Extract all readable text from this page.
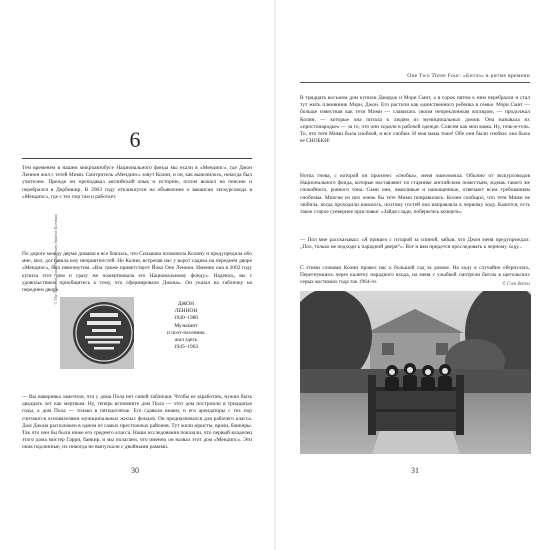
6

Тем временем в нашем микроавтобусе Национального фонда мы ехали в «Мендипс», где Джон Леннон жил с тетей Мими. Смотритель «Мендипс» зовут Колин, и он, как выяснилось, некогда был учителем. Прежде он преподавал английский язык и историю, потом вышел на пенсию и перебрался в Дербишир. В 2003 году откликнулся на объявление о вакансии экскурсовода в «Мендипс», где с тех пор там и работает.

По дороге между двумя домами я все боялась, что Сильвана позвонила Колину и предупредила обо мне, мол, доставила ему неприятностей. Но Колин, встречая нас у ворот садика на переднем дворе «Мендипс», был невозмутим. «Вас также приветствует Йоко Оно Леннон. Именно она в 2002 году купила этот дом и сразу же пожертвовала его Национальному фонду». Надеюсь, вы с удовольствием приобщитесь к тому, что сформировало Джона». Он указал на табличку на переднем дворе.

© The National Trust/Photolibrary/Andrew Kershaw	ДЖОН
ЛЕННОН
1940–1980
Музыкант
и поэт-песенник
жил здесь
1945–1963

— Вы наверняка заметили, что у дома Пола нет синей таблички. Чтобы ее заработать, нужно быть двадцать лет как мертвым. Ну, теперь вспомните дом Пола — этот дом построили в тридцатые годы, а дом Пола — только в пятидесятые. Его сдавали внаем, и его арендаторы с тех пор считаются основателями муниципальных жилых фондов. Он предназначался для рабочего класса. Дом Джона расположен в одном из самых престижных районов. Тут жили юристы, врачи, банкиры. Так что они бы были ниже его среднего класса. Наши исследования показали, что первый владелец этого дома мистер Гарри, банкир, и мы полагаем, что именно он назвал этот дом «Мендипс». Эти окна подлинные, их никогда не выпускали с двойными рамами.

30
One Two Three Four: «Битлз» в ритме времени

В тридцать восьмом дом купили Джордж и Мэри Смит, а в сорок пятом к ним перебрался и стал тут жить племянник Мэри, Джон. Его растили как единственного ребенка в семье. Мэри Смит — больше известная как тетя Мими — славилась своим непреклонным взглядом, — продолжал Колин, — которые она питала к людям из муниципальных домов. Она называла их «простонародье» — за то, что они ходили в рабочей одежде. Совсем как мои мама. Ну, точь-в-точь. То, что тетя Мими была снобкой, и все снобки. И моя мама тоже! Обе они были снобки: она была ее СНОБКИ!

Нотка гнева, с которой он произнес «снобка», меня ошеломила. Обычно от экскурсоводов Национального фонда, которые наставляют по старинке английским поместьям, ждешь такого же спокойного, ровного тона. Сами они, чванливые и напыщенные, отвечают всем требованиям снобизма. Многие из них очень бы тете Мими понравились. Колин сообщил, что тетя Мими не любила, когда проходили наискось, поэтому гостей она направляла к черному ходу. Кажется, есть такое старое суеверное присловье: «Зайдя сзади, поберегись кочерги».

— Пол мне рассказывал: «Я пришел с гитарой за спиной, забыв, что Джон меня предупреждал: „Пол, только не подходи к парадной двери“». Вот и вам придется проследовать к черному ходу...

С этими словами Колин провел нас к большой сад за домом. На ходу я случайно обернулась. Перегнувшись через калитку парадного входа, на меня с улыбкой смотрели битлы в щегольских серых костюмах года так 1964-го.	© Глен Ветэл
31
